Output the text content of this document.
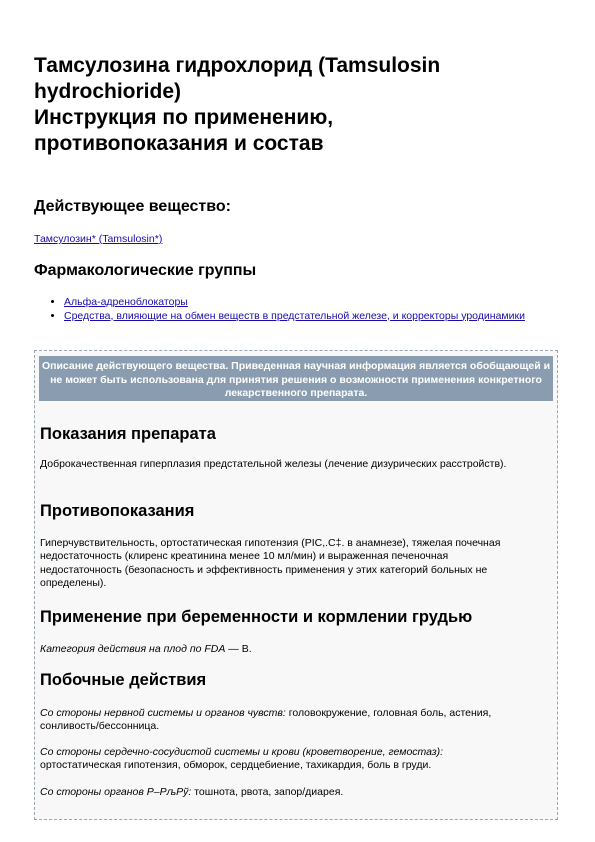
Тамсулозина гидрохлорид (Tamsulosin
hydrochioride)
Инструкция по применению,
противопоказания и состав
Действующее вещество:
Тамсулозин* (Tamsulosin*)
Фармакологические группы
• Альфа-адреноблокаторы
• Средства, влияющие на обмен веществ в предстательной железе, и корректоры уродинамики
Описание действующего вещества. Приведенная научная информация является обобщающей и не может быть использована для принятия решения о возможности применения конкретного лекарственного препарата.
Показания препарата

Доброкачественная гиперплазия предстательной железы (лечение дизурических расстройств).

Противопоказания

Гиперчувствительность, ортостатическая гипотензия (РІС,.С‡. в анамнезе), тяжелая почечная недостаточность (клиренс креатинина менее 10 мл/мин) и выраженная печеночная недостаточность (безопасность и эффективность применения у этих категорий больных не определены).

Применение при беременности и кормлении грудью

Категория действия на плод по FDA — B.

Побочные действия

Со стороны нервной системы и органов чувств: головокружение, головная боль, астения, сонливость/бессонница.

Со стороны сердечно-сосудистой системы и крови (кроветворение, гемостаз): ортостатическая гипотензия, обморок, сердцебиение, тахикардия, боль в груди.

Со стороны органов Р–РљРў: тошнота, рвота, запор/диарея.
